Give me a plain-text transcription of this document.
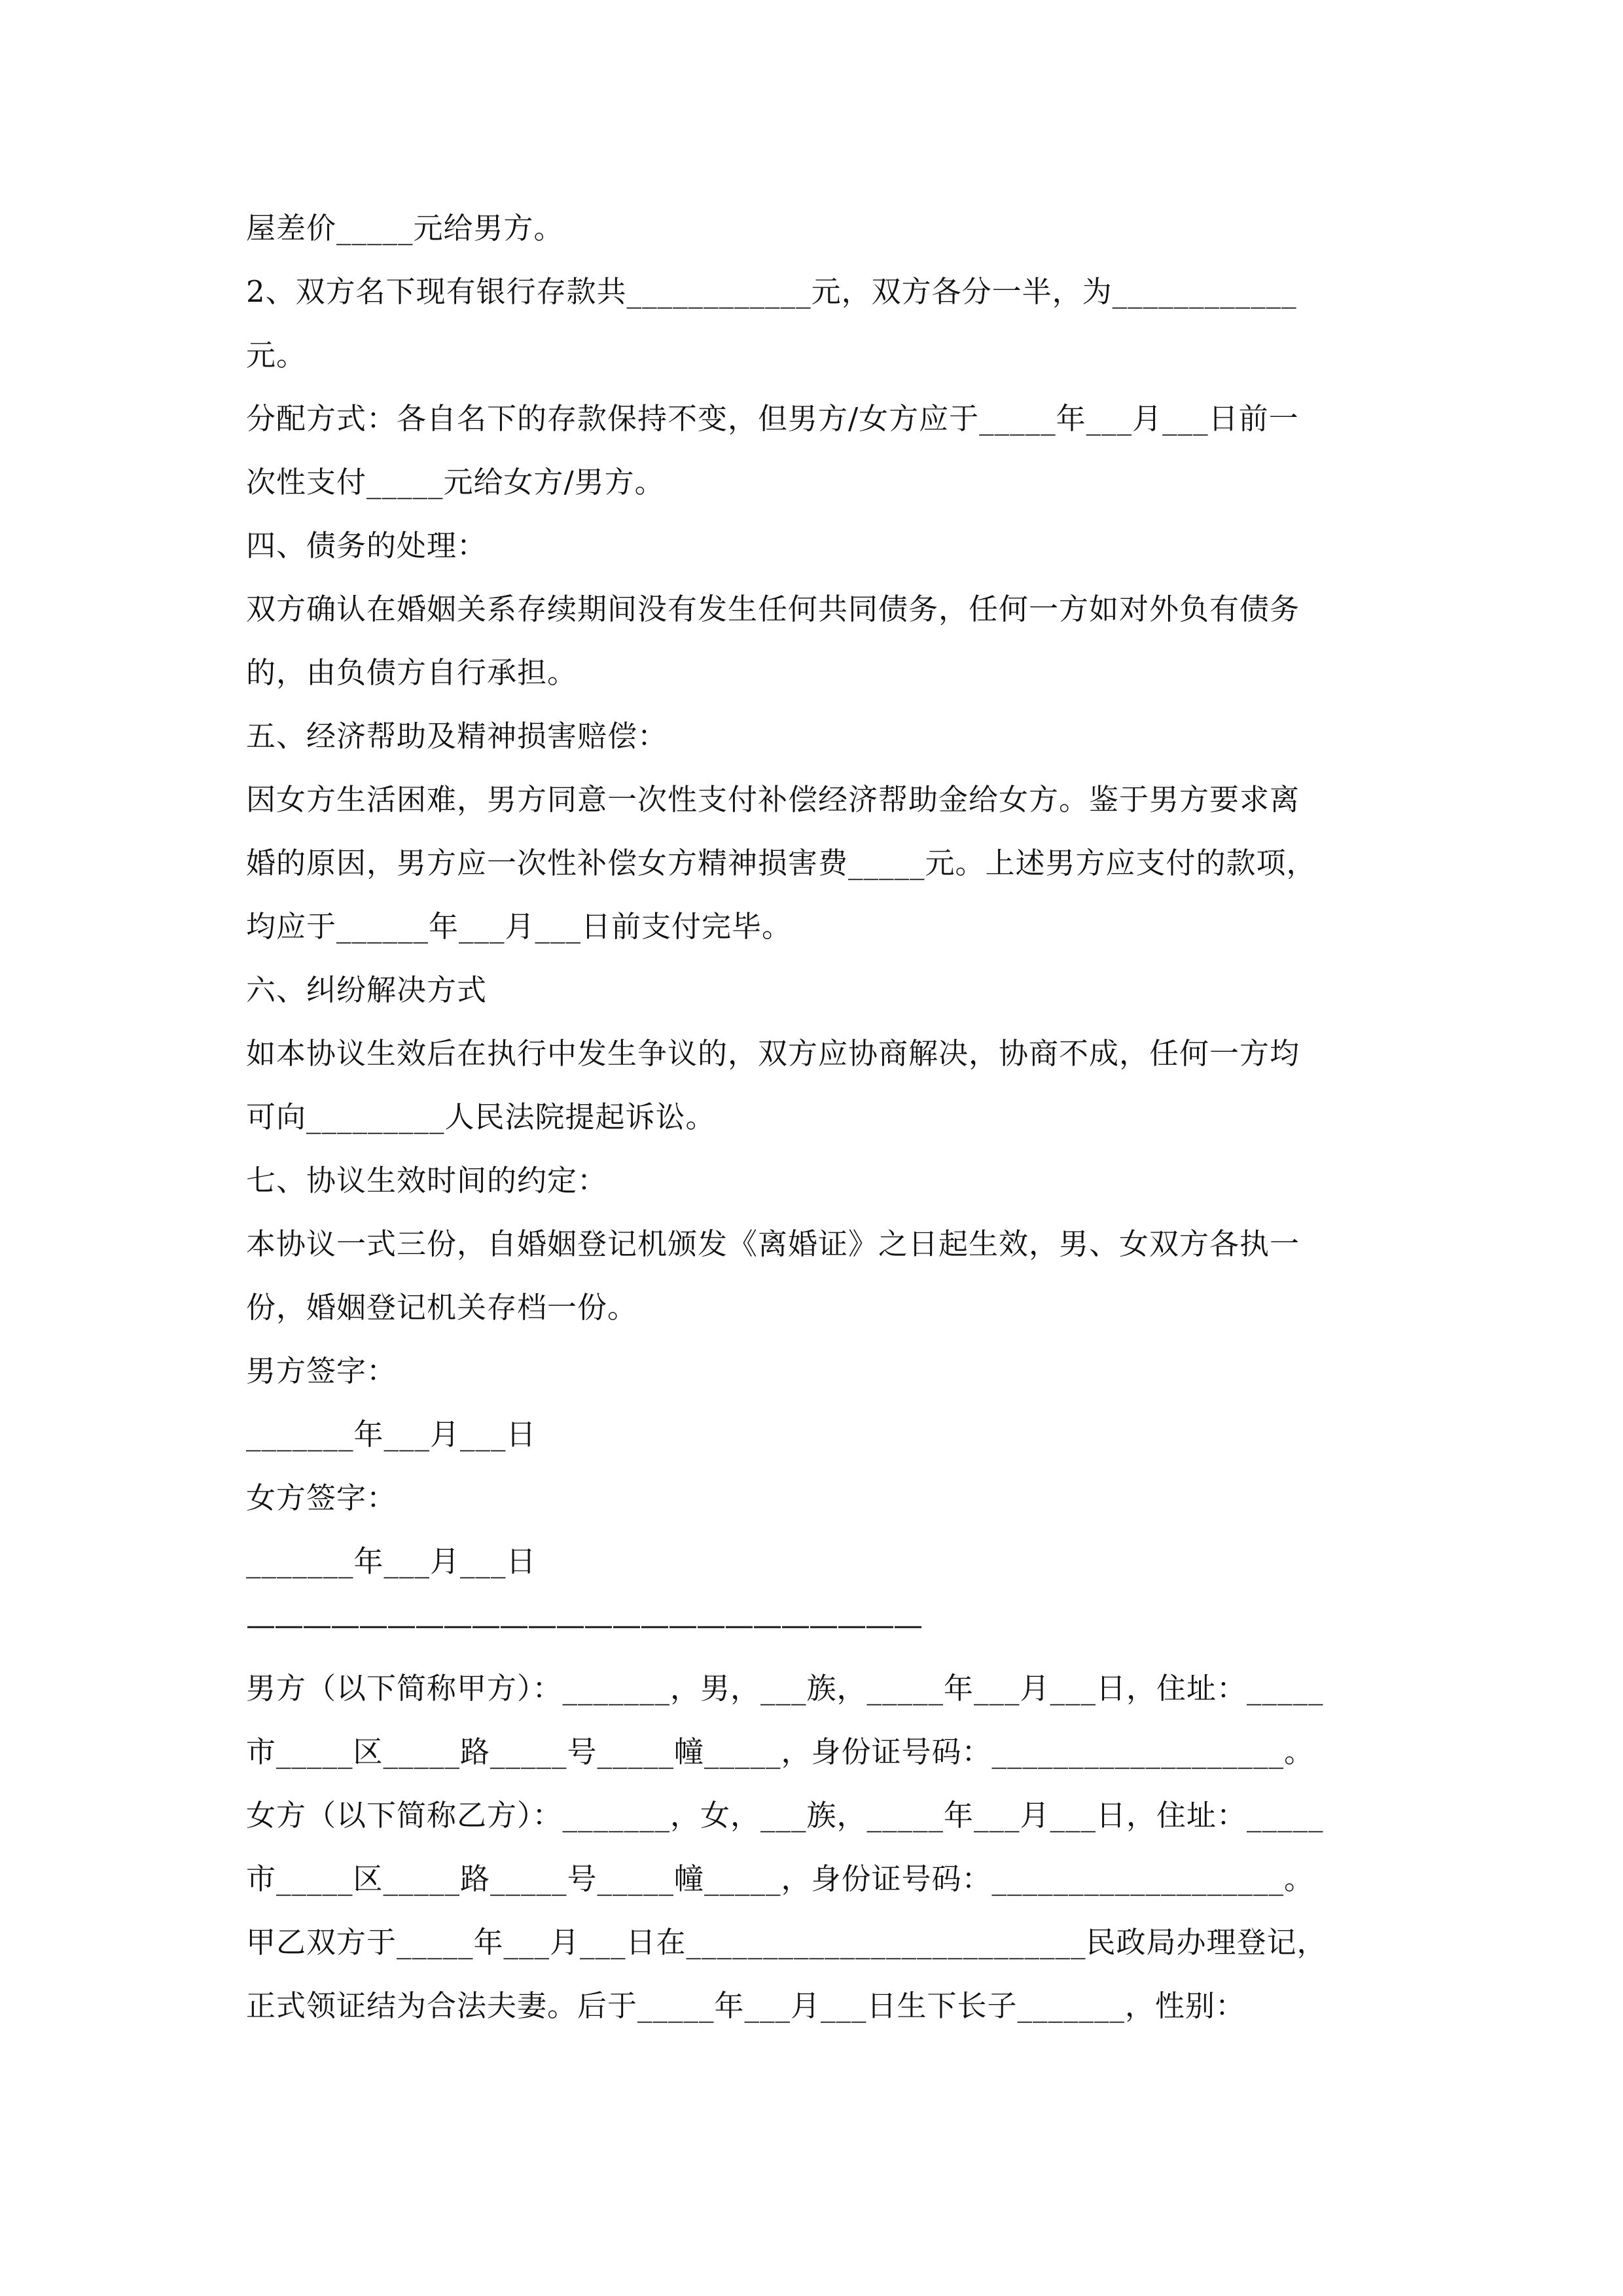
屋差价_____元给男方。
2、双方名下现有银行存款共____________元，双方各分一半，为____________
元。
分配方式：各自名下的存款保持不变，但男方/女方应于_____年___月___日前一
次性支付_____元给女方/男方。
四、债务的处理：
双方确认在婚姻关系存续期间没有发生任何共同债务，任何一方如对外负有债务
的，由负债方自行承担。
五、经济帮助及精神损害赔偿：
因女方生活困难，男方同意一次性支付补偿经济帮助金给女方。鉴于男方要求离
婚的原因，男方应一次性补偿女方精神损害费_____元。上述男方应支付的款项，
均应于______年___月___日前支付完毕。
六、纠纷解决方式
如本协议生效后在执行中发生争议的，双方应协商解决，协商不成，任何一方均
可向_________人民法院提起诉讼。
七、协议生效时间的约定：
本协议一式三份，自婚姻登记机颁发《离婚证》之日起生效，男、女双方各执一
份，婚姻登记机关存档一份。
男方签字：
_______年___月___日
女方签字：
_______年___月___日
————————————————————————
男方（以下简称甲方）：_______，男，___族，_____年___月___日，住址：_____
市_____区_____路_____号_____幢_____，身份证号码：___________________。
女方（以下简称乙方）：_______，女，___族，_____年___月___日，住址：_____
市_____区_____路_____号_____幢_____，身份证号码：___________________。
甲乙双方于_____年___月___日在__________________________民政局办理登记，
正式领证结为合法夫妻。后于_____年___月___日生下长子_______，性别：
